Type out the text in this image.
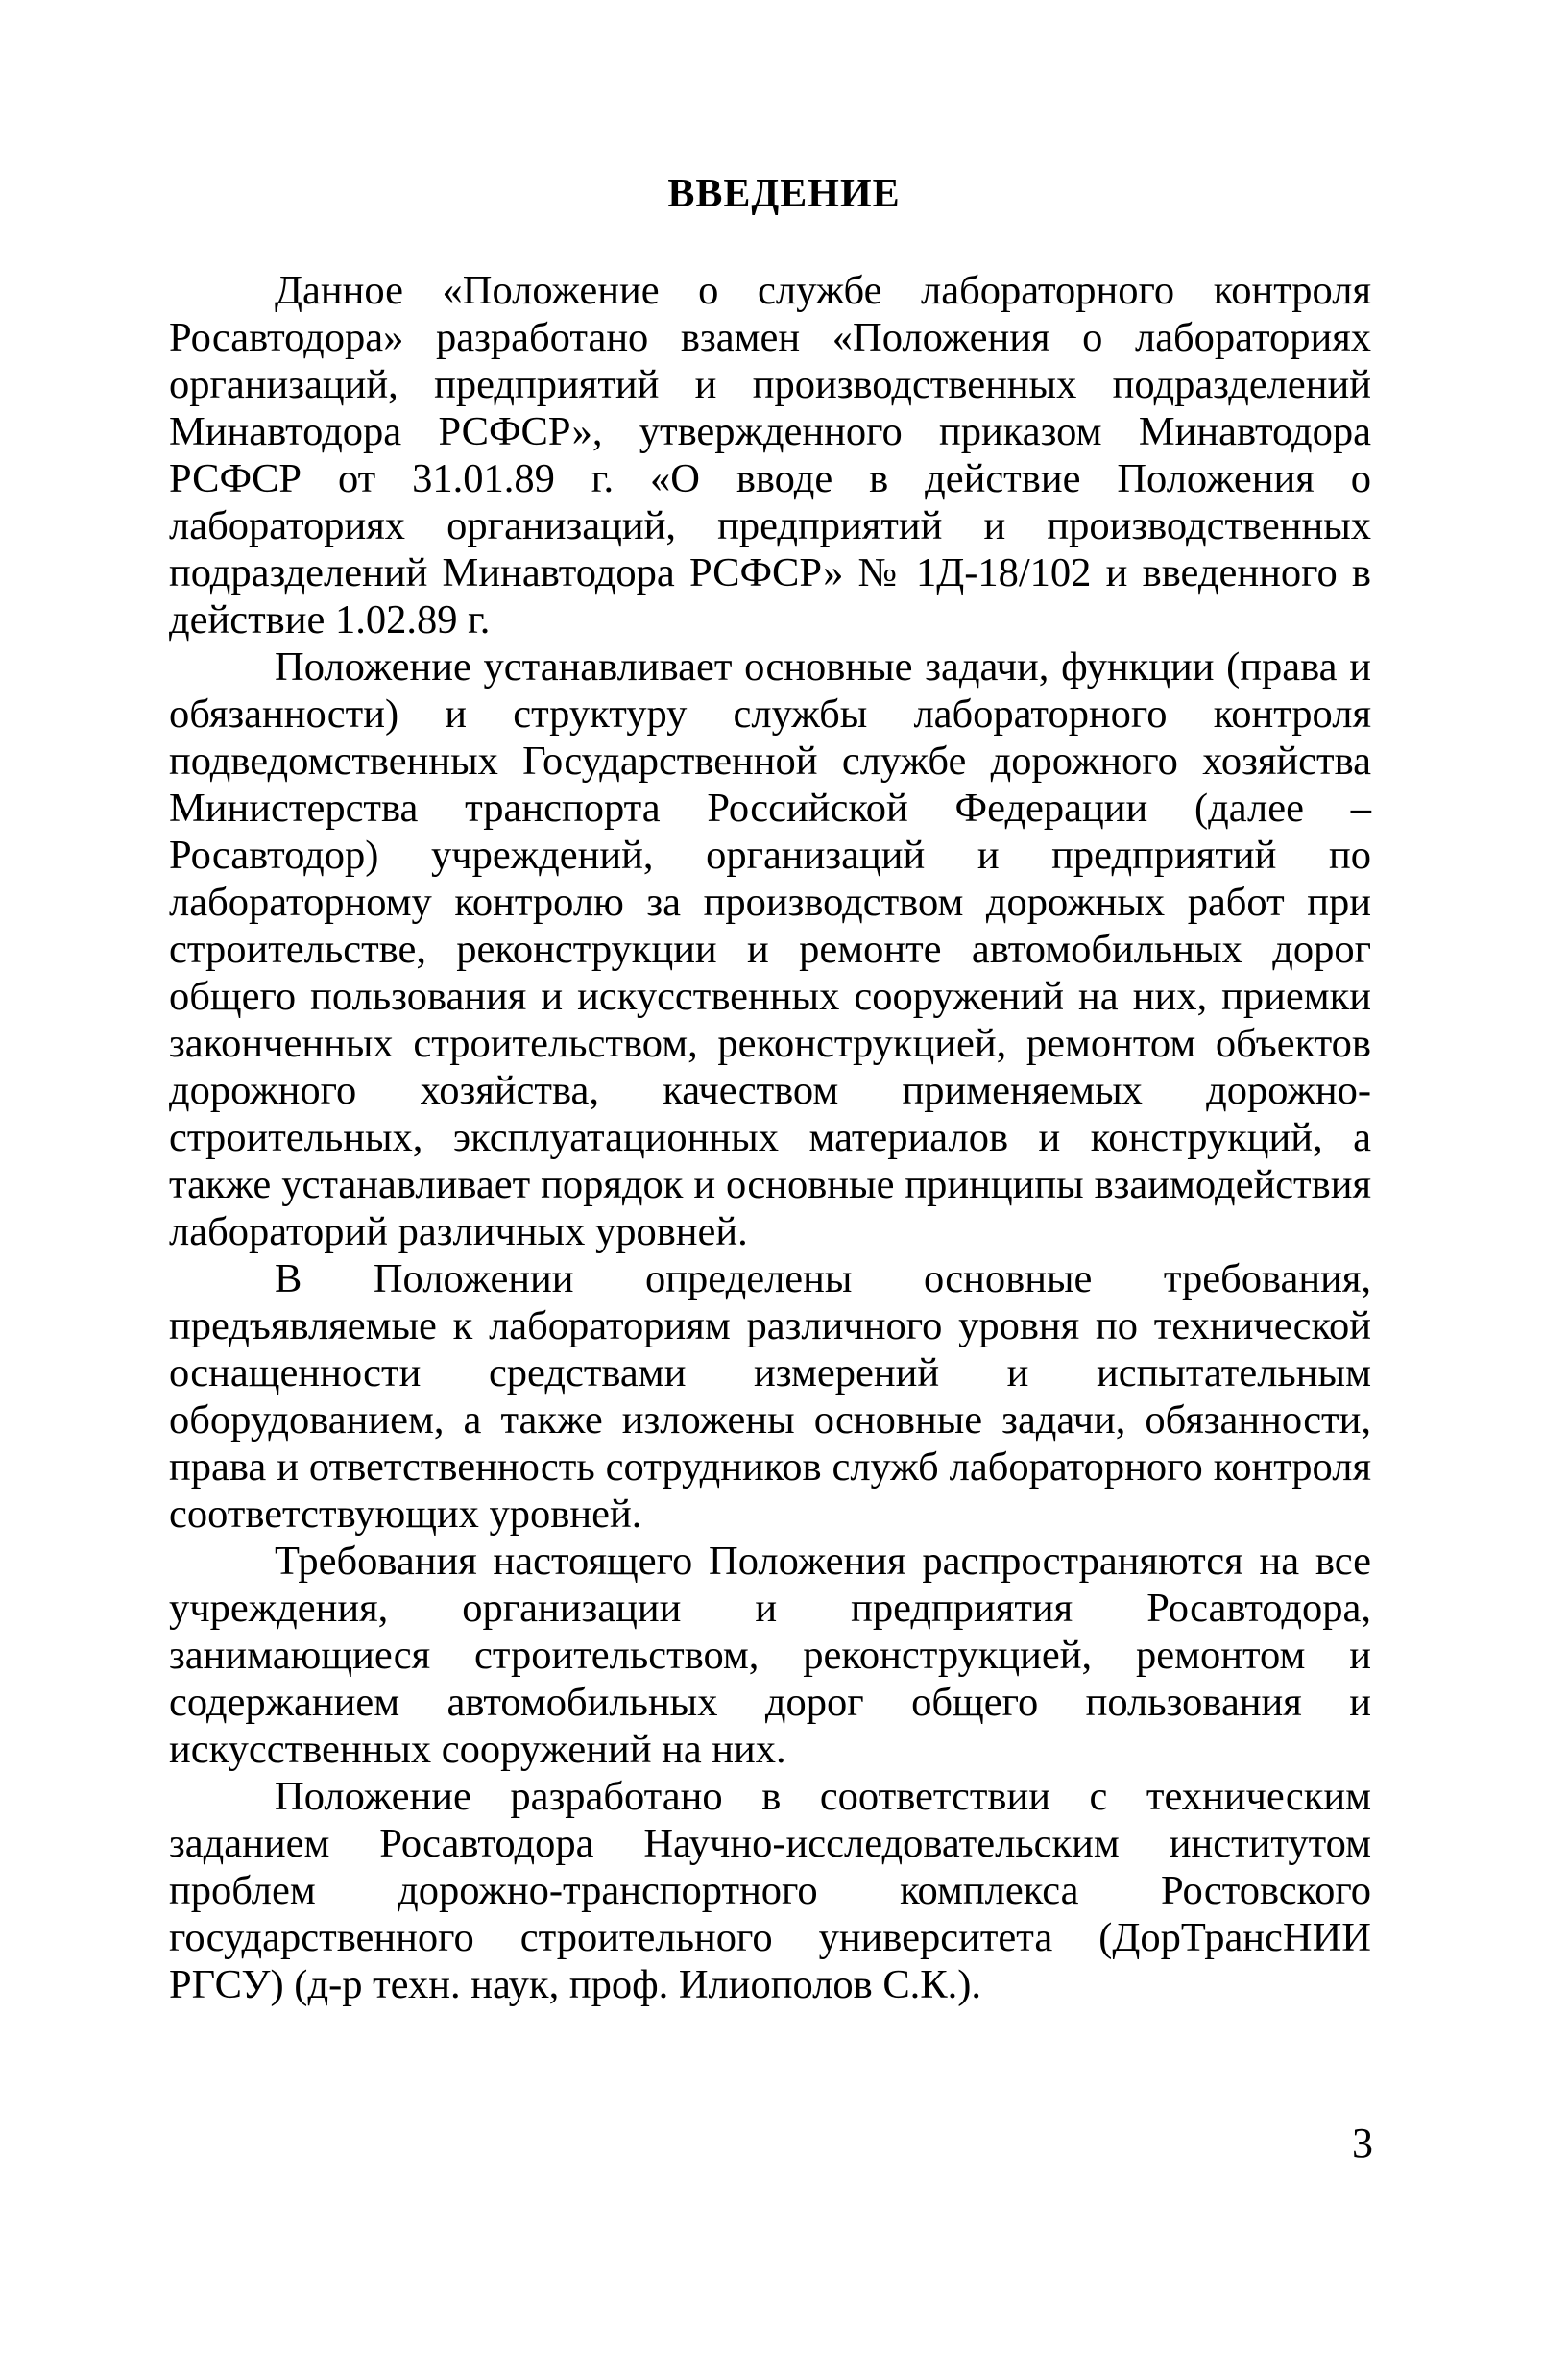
ВВЕДЕНИЕ

Данное «Положение о службе лабораторного контроля Росавтодора» разработано взамен «Положения о лабораториях организаций, предприятий и производственных подразделений Минавтодора РСФСР», утвержденного приказом Минавтодора РСФСР от 31.01.89 г. «О вводе в действие Положения о лабораториях организаций, предприятий и производственных подразделений Минавтодора РСФСР» № 1Д-18/102 и введенного в действие 1.02.89 г.

Положение устанавливает основные задачи, функции (права и обязанности) и структуру службы лабораторного контроля подведомственных Государственной службе дорожного хозяйства Министерства транспорта Российской Федерации (далее – Росавтодор) учреждений, организаций и предприятий по лабораторному контролю за производством дорожных работ при строительстве, реконструкции и ремонте автомобильных дорог общего пользования и искусственных сооружений на них, приемки законченных строительством, реконструкцией, ремонтом объектов дорожного хозяйства, качеством применяемых дорожно-строительных, эксплуатационных материалов и конструкций, а также устанавливает порядок и основные принципы взаимодействия лабораторий различных уровней.

В Положении определены основные требования, предъявляемые к лабораториям различного уровня по технической оснащенности средствами измерений и испытательным оборудованием, а также изложены основные задачи, обязанности, права и ответственность сотрудников служб лабораторного контроля соответствующих уровней.

Требования настоящего Положения распространяются на все учреждения, организации и предприятия Росавтодора, занимающиеся строительством, реконструкцией, ремонтом и содержанием автомобильных дорог общего пользования и искусственных сооружений на них.

Положение разработано в соответствии с техническим заданием Росавтодора Научно-исследовательским институтом проблем дорожно-транспортного комплекса Ростовского государственного строительного университета (ДорТрансНИИ РГСУ) (д-р техн. наук, проф. Илиополов С.К.).

3
